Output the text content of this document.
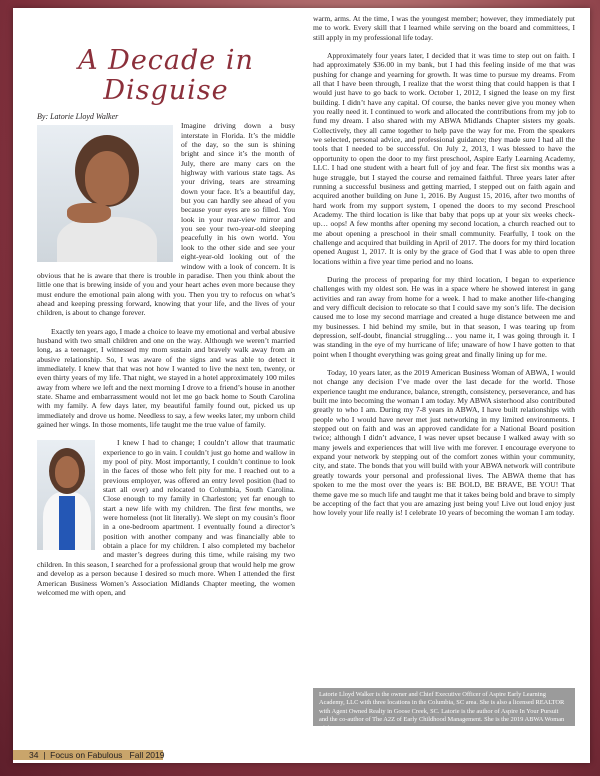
A Decade in
Disguise
By: Latorie Lloyd Walker

Imagine driving down a busy interstate in Florida. It’s the middle of the day, so the sun is shining bright and since it’s the month of July, there are many cars on the highway with various state tags. As your driving, tears are streaming down your face. It’s a beautiful day, but you can hardly see ahead of you because your eyes are so filled. You look in your rear-view mirror and you see your two-year-old sleeping peacefully in his own world. You look to the other side and see your eight-year-old looking out of the window with a look of concern. It is obvious that he is aware that there is trouble in paradise. Then you think about the little one that is brewing inside of you and your heart aches even more because they must endure the emotional pain along with you. Then you try to refocus on what’s ahead and keeping pressing forward, knowing that your life, and the lives of your children, is about to change forever.

Exactly ten years ago, I made a choice to leave my emotional and verbal abusive husband with two small children and one on the way. Although we weren’t married long, as a teenager, I witnessed my mom sustain and bravely walk away from an abusive relationship. So, I was aware of the signs and was able to detect it immediately. I knew that that was not how I wanted to live the next ten, twenty, or even thirty years of my life. That night, we stayed in a hotel approximately 100 miles away from where we left and the next morning I drove to a friend’s house in another state. Shame and embarrassment would not let me go back home to South Carolina with my family. A few days later, my beautiful family found out, picked us up immediately and drove us home. Needless to say, a few weeks later, my unborn child gained her wings. In those moments, life taught me the true value of family.

I knew I had to change; I couldn’t allow that traumatic experience to go in vain. I couldn’t just go home and wallow in my pool of pity. Most importantly, I couldn’t continue to look in the faces of those who felt pity for me. I reached out to a previous employer, was offered an entry level position (had to start all over) and relocated to Columbia, South Carolina. Close enough to my family in Charleston; yet far enough to start a new life with my children. The first few months, we were homeless (not lit literally). We slept on my cousin’s floor in a one-bedroom apartment. I eventually found a director’s position with another company and was financially able to obtain a place for my children. I also completed my bachelor and master’s degrees during this time, while raising my two children. In this season, I searched for a professional group that would help me grow and develop as a person because I desired so much more. When I attended the first American Business Women’s Association Midlands Chapter meeting, the women welcomed me with open, and

warm, arms. At the time, I was the youngest member; however, they immediately put me to work. Every skill that I learned while serving on the board and committees, I still apply in my professional life today.

Approximately four years later, I decided that it was time to step out on faith. I had approximately $36.00 in my bank, but I had this feeling inside of me that was pushing for change and yearning for growth. It was time to pursue my dreams. From all that I have been through, I realize that the worst thing that could happen is that I would just have to go back to work. October 1, 2012, I signed the lease on my first building. I didn’t have any capital. Of course, the banks never give you money when you really need it. I continued to work and allocated the contributions from my job to fund my dream. I also shared with my ABWA Midlands Chapter sisters my goals. Collectively, they all came together to help pave the way for me. From the speakers we selected, personal advice, and professional guidance; they made sure I had all the tools that I needed to be successful. On July 2, 2013, I was blessed to have the opportunity to open the door to my first preschool, Aspire Early Learning Academy, LLC. I had one student with a heart full of joy and fear. The first six months was a huge struggle, but I stayed the course and remained faithful. Three years later after running a successful business and getting married, I stepped out on faith again and acquired another building on June 1, 2016. By August 15, 2016, after two months of hard work from my support system, I opened the doors to my second Preschool Academy. The third location is like that baby that pops up at your six weeks check-up… oops! A few months after opening my second location, a church reached out to me about opening a preschool in their small community. Fearfully, I took on the challenge and acquired that building in April of 2017. The doors for my third location opened August 1, 2017. It is only by the grace of God that I was able to open three locations within a five year time period and no loans.

During the process of preparing for my third location, I began to experience challenges with my oldest son. He was in a space where he showed interest in gang activities and ran away from home for a week. I had to make another life-changing and very difficult decision to relocate so that I could save my son’s life. The decision caused me to lose my second marriage and created a huge distance between me and my businesses. I hid behind my smile, but in that season, I was tearing up from depression, self-doubt, financial struggling… you name it, I was going through it. I was standing in the eye of my hurricane of life; unaware of how I have gotten to that point when I thought everything was going great and finally lining up for me.

Today, 10 years later, as the 2019 American Business Woman of ABWA, I would not change any decision I’ve made over the last decade for the world. Those experience taught me endurance, balance, strength, consistency, perseverance, and has built me into becoming the woman I am today. My ABWA sisterhood also contributed greatly to who I am. During my 7-8 years in ABWA, I have built relationships with people who I would have never met just networking in my limited environments. I stepped out on faith and was an approved candidate for a National Board position twice; although I didn’t advance, I was never upset because I walked away with so many jewels and experiences that will live with me forever. I encourage everyone to expand your network by stepping out of the comfort zones within your community, city, and state. The bonds that you will build with your ABWA network will contribute greatly towards your personal and professional lives. The ABWA theme that has spoken to me the most over the years is: BE BOLD, BE BRAVE, BE YOU! That theme gave me so much life and taught me that it takes being bold and brave to simply be accepting of the fact that you are amazing just being you! Live out loud enjoy just how lovely your life really is! I celebrate 10 years of becoming the woman I am today.

Latorie Lloyd Walker is the owner and Chief Executive Officer of Aspire Early Learning Academy, LLC with three locations in the Columbia, SC area. She is also a licensed REALTOR with Agent Owned Realty in Goose Creek, SC. Latorie is the author of Aspire In Your Pursuit and the co-author of The A2Z of Early Childhood Management. She is the 2019 ABWA Woman of the Year.
34  |  Focus on Fabulous Fall 2019
